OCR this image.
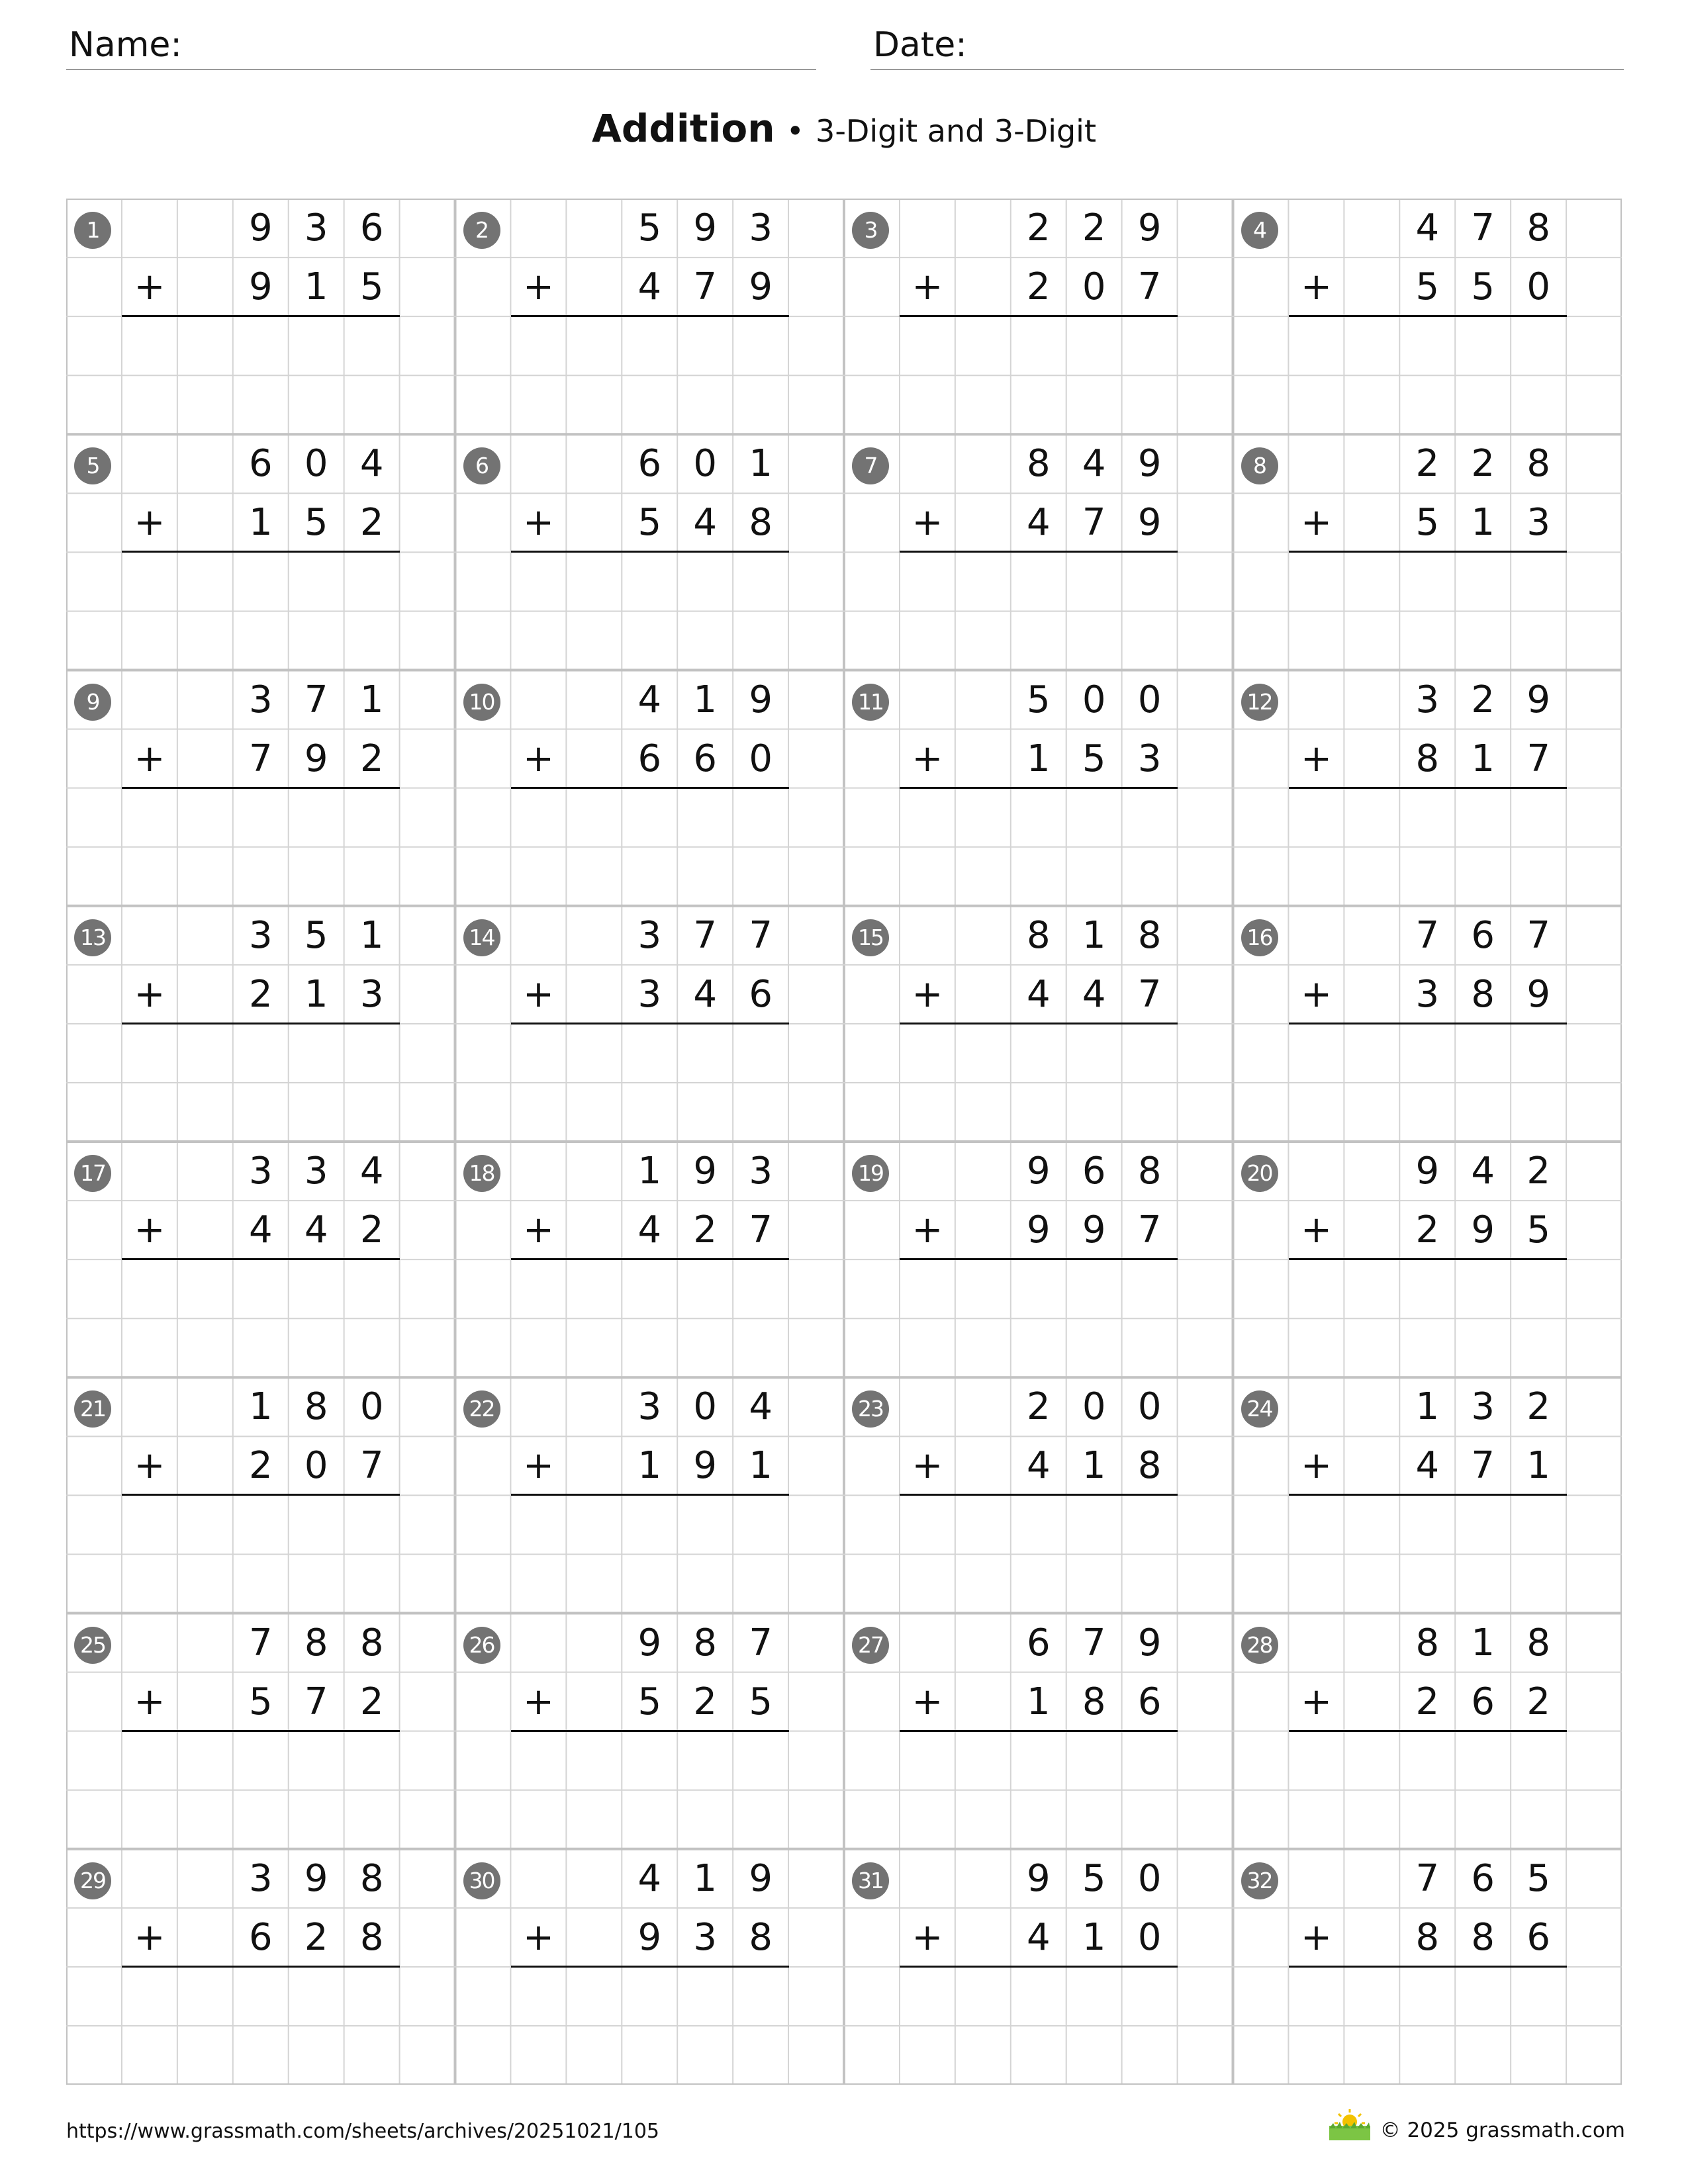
Name:	Date:
Addition • 3-Digit and 3-Digit
1	9 3 6
9 1 5
+
2	5 9 3
4 7 9
+
3	2 2 9
2 0 7
+
4	4 7 8
5 5 0
+
5	6 0 4
1 5 2
+
6	6 0 1
5 4 8
+
7	8 4 9
4 7 9
+
8	2 2 8
5 1 3
+
9	3 7 1
7 9 2
+
10	4 1 9
6 6 0
+
11	5 0 0
1 5 3
+
12	3 2 9
8 1 7
+
13	3 5 1
2 1 3
+
14	3 7 7
3 4 6
+
15	8 1 8
4 4 7
+
16	7 6 7
3 8 9
+
17	3 3 4
4 4 2
+
18	1 9 3
4 2 7
+
19	9 6 8
9 9 7
+
20	9 4 2
2 9 5
+
21	1 8 0
2 0 7
+
22	3 0 4
1 9 1
+
23	2 0 0
4 1 8
+
24	1 3 2
4 7 1
+
25	7 8 8
5 7 2
+
26	9 8 7
5 2 5
+
27	6 7 9
1 8 6
+
28	8 1 8
2 6 2
+
29	3 9 8
6 2 8
+
30	4 1 9
9 3 8
+
31	9 5 0
4 1 0
+
32	7 6 5
8 8 6
+
https://www.grassmath.com/sheets/archives/20251021/105	© 2025 grassmath.com
